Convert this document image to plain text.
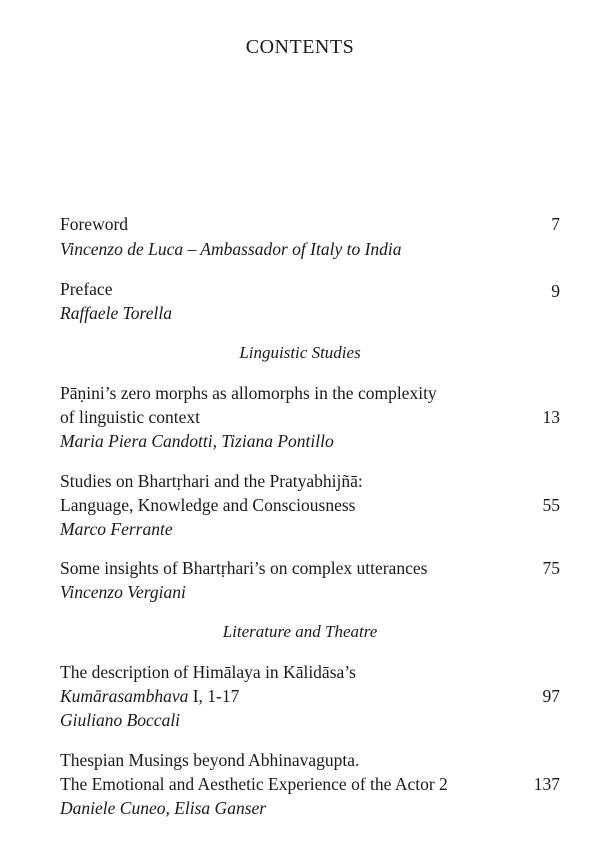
CONTENTS
Foreword	7
Vincenzo de Luca – Ambassador of Italy to India
Preface	9
Raffaele Torella
Linguistic Studies
Pāṇini’s zero morphs as allomorphs in the complexity
of linguistic context	13
Maria Piera Candotti, Tiziana Pontillo
Studies on Bhartṛhari and the Pratyabhijñā:
Language, Knowledge and Consciousness	55
Marco Ferrante
Some insights of Bhartṛhari’s on complex utterances	75
Vincenzo Vergiani
Literature and Theatre
The description of Himālaya in Kālidāsa’s
Kumārasambhava I, 1-17	97
Giuliano Boccali
Thespian Musings beyond Abhinavagupta.
The Emotional and Aesthetic Experience of the Actor 2	137
Daniele Cuneo, Elisa Ganser
